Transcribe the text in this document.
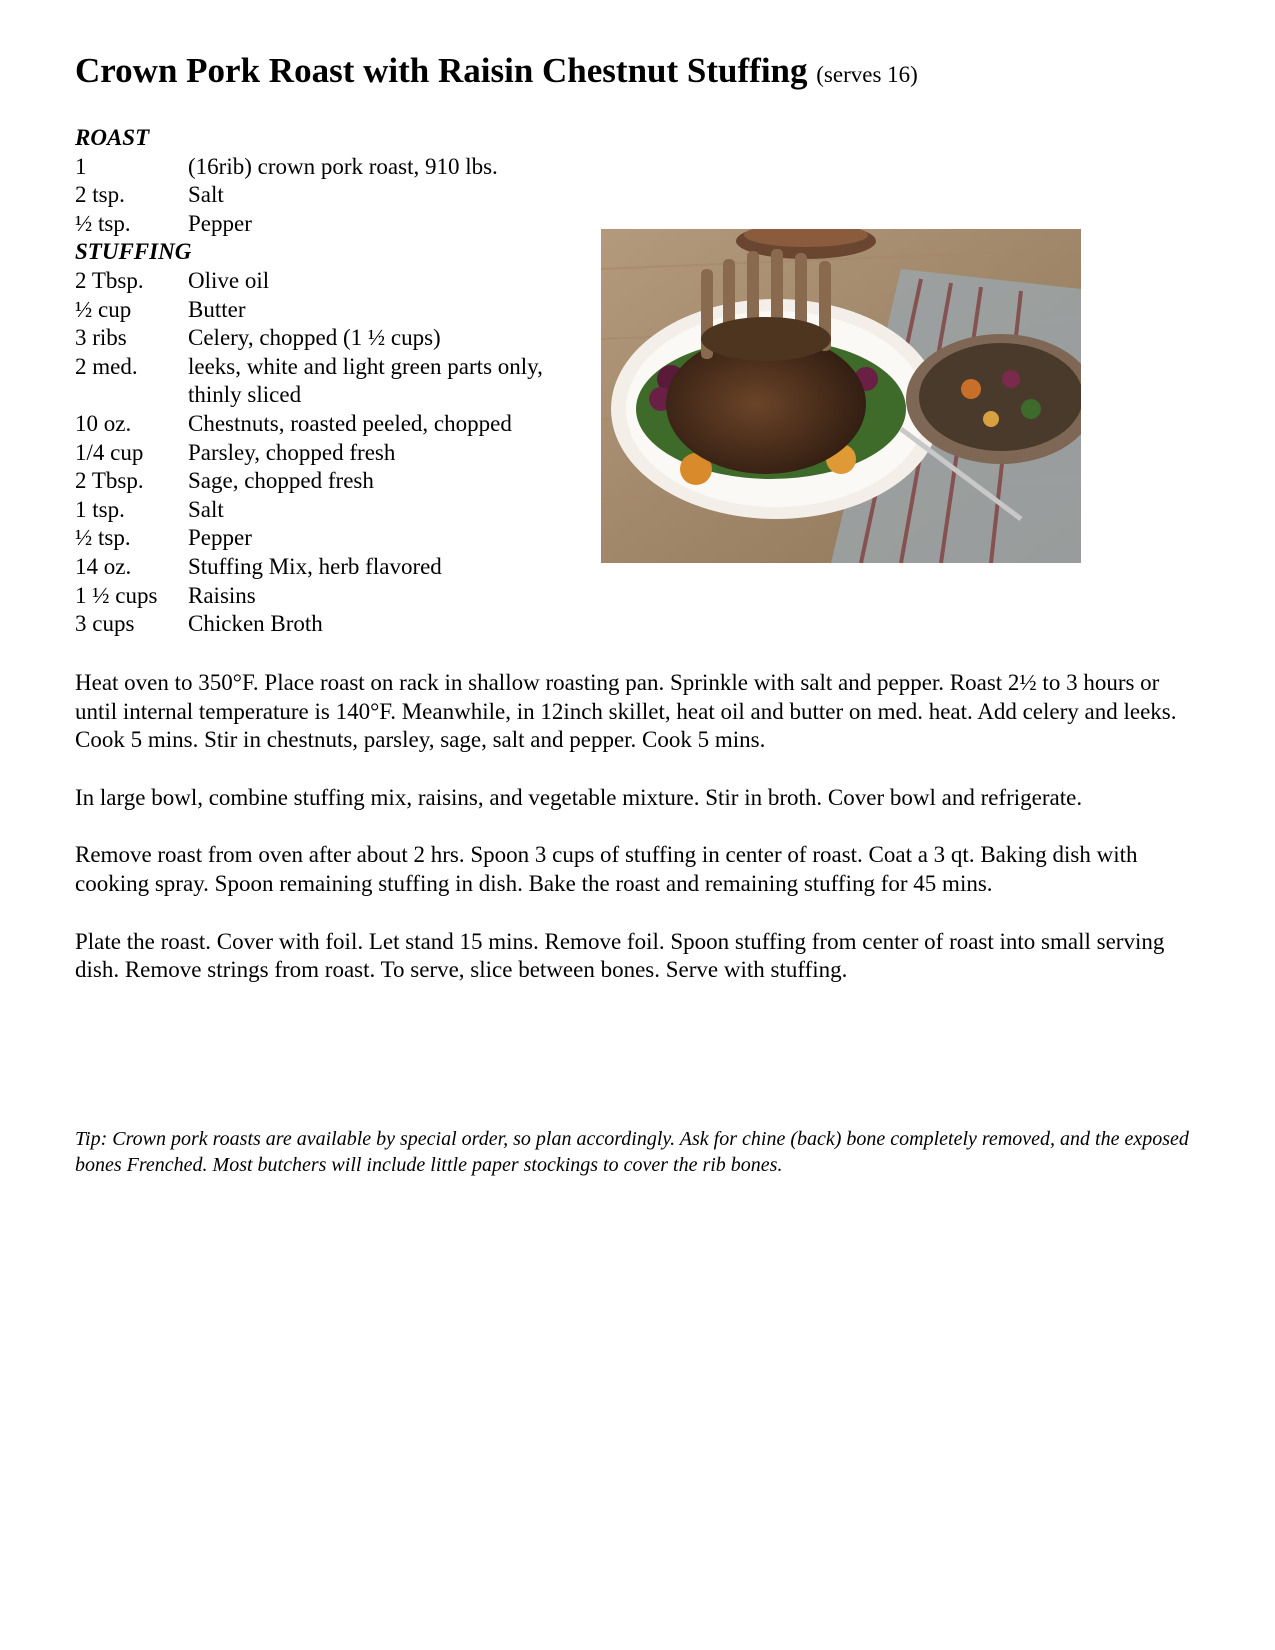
Crown Pork Roast with Raisin Chestnut Stuffing (serves 16)
ROAST
1	(16rib) crown pork roast, 910 lbs.
2 tsp.	Salt
½ tsp.	Pepper
STUFFING
2 Tbsp.	Olive oil
½ cup	Butter
3 ribs	Celery, chopped (1 ½ cups)
2 med.	leeks, white and light green parts only, thinly sliced
10 oz.	Chestnuts, roasted peeled, chopped
1/4 cup	Parsley, chopped fresh
2 Tbsp.	Sage, chopped fresh
1 tsp.	Salt
½ tsp.	Pepper
14 oz.	Stuffing Mix, herb flavored
1 ½ cups	Raisins
3 cups	Chicken Broth

Heat oven to 350°F. Place roast on rack in shallow roasting pan. Sprinkle with salt and pepper. Roast 2½ to 3 hours or until internal temperature is 140°F. Meanwhile, in 12inch skillet, heat oil and butter on med. heat. Add celery and leeks. Cook 5 mins. Stir in chestnuts, parsley, sage, salt and pepper. Cook 5 mins.

In large bowl, combine stuffing mix, raisins, and vegetable mixture. Stir in broth. Cover bowl and refrigerate.

Remove roast from oven after about 2 hrs. Spoon 3 cups of stuffing in center of roast. Coat a 3 qt. Baking dish with cooking spray. Spoon remaining stuffing in dish. Bake the roast and remaining stuffing for 45 mins.

Plate the roast. Cover with foil. Let stand 15 mins. Remove foil. Spoon stuffing from center of roast into small serving dish. Remove strings from roast. To serve, slice between bones. Serve with stuffing.

Tip: Crown pork roasts are available by special order, so plan accordingly. Ask for chine (back) bone completely removed, and the exposed bones Frenched. Most butchers will include little paper stockings to cover the rib bones.
